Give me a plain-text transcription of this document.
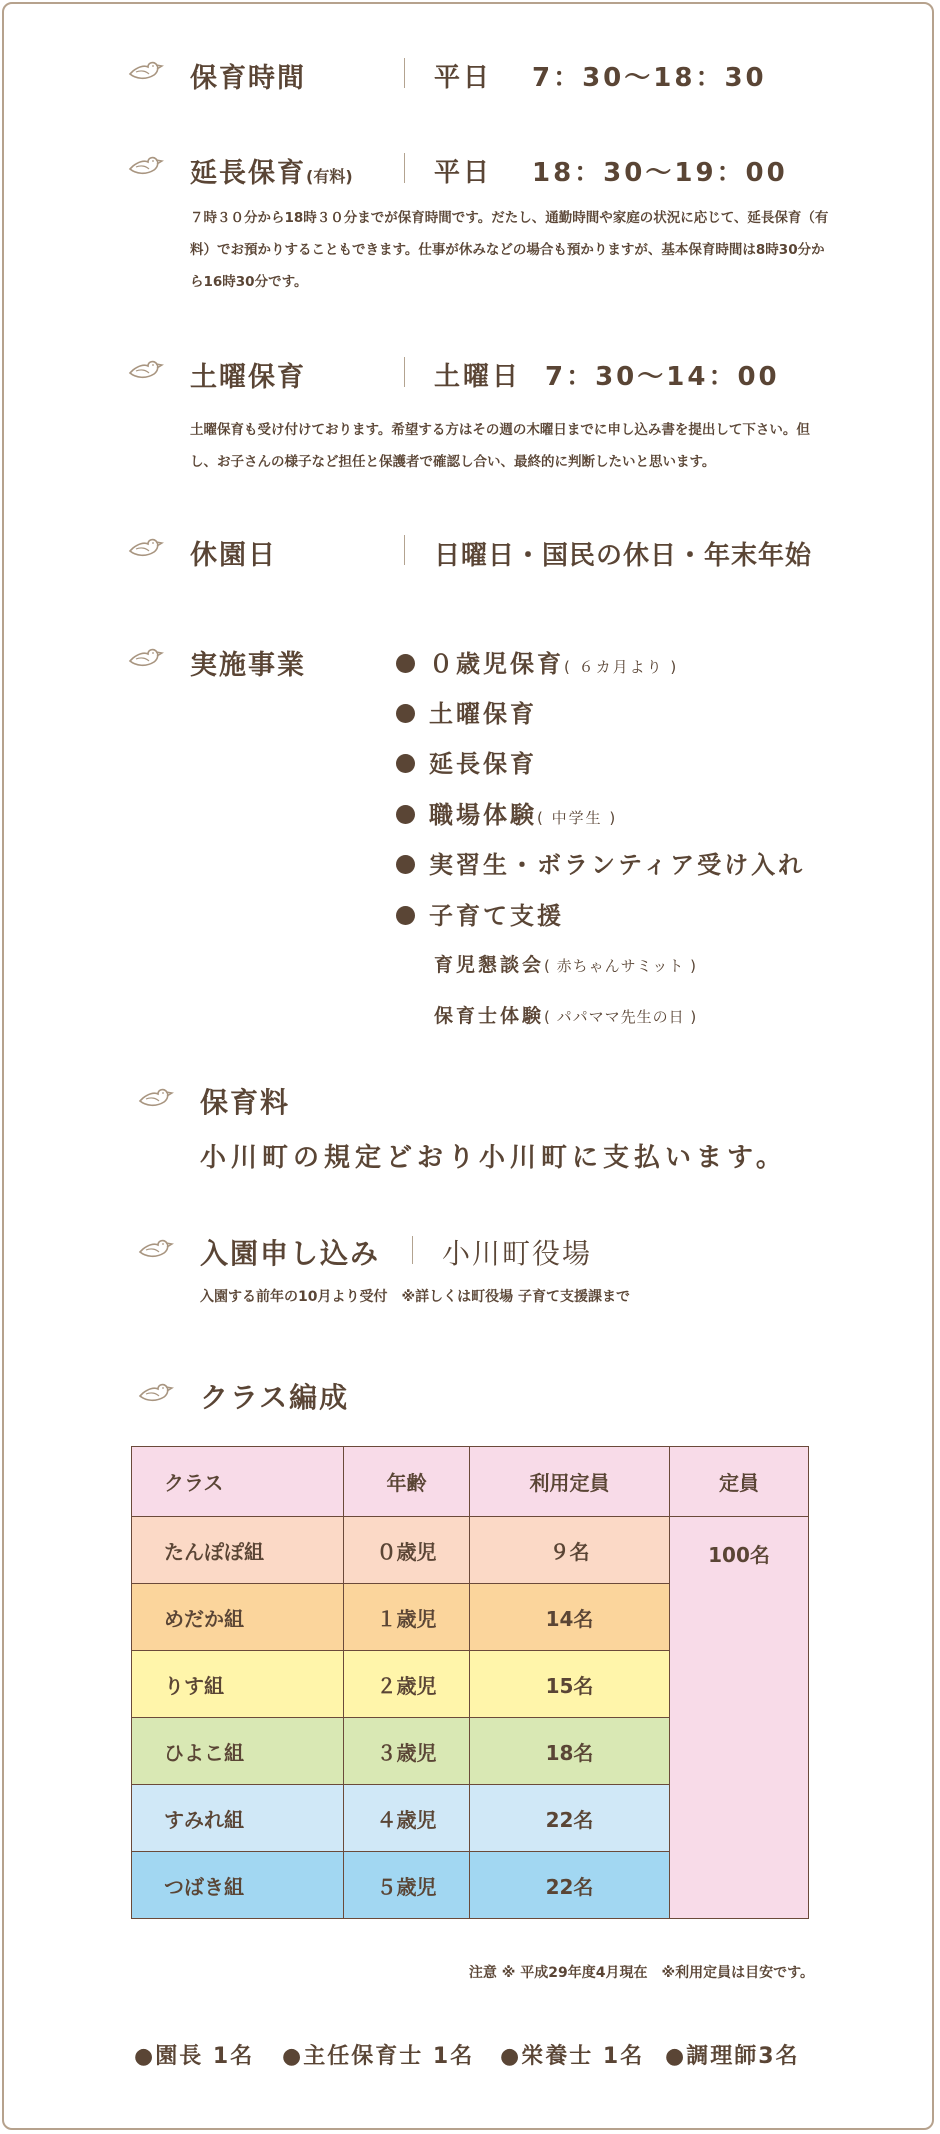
保育時間	平日 7：30〜18：30
延長保育(有料)	平日 18：30〜19：00
７時３０分から18時３０分までが保育時間です。だたし、通勤時間や家庭の状況に応じて、延長保育（有料）でお預かりすることもできます。仕事が休みなどの場合も預かりますが、基本保育時間は8時30分から16時30分です。
土曜保育	土曜日 7：30〜14：00
土曜保育も受け付けております。希望する方はその週の木曜日までに申し込み書を提出して下さい。但し、お子さんの様子など担任と保護者で確認し合い、最終的に判断したいと思います。
休園日	日曜日・国民の休日・年末年始
実施事業	０歳児保育( ６カ月より )
土曜保育
延長保育
職場体験( 中学生 )
実習生・ボランティア受け入れ
子育て支援
育児懇談会( 赤ちゃんサミット )
保育士体験( パパママ先生の日 )
保育料
小川町の規定どおり小川町に支払います。
入園申し込み 小川町役場
入園する前年の10月より受付　※詳しくは町役場 子育て支援課まで
クラス編成
クラス	年齢	利用定員	定員
たんぽぽ組	０歳児	９名	100名
めだか組	１歳児	14名	
りす組	２歳児	15名	
ひよこ組	３歳児	18名	
すみれ組	４歳児	22名	
つばき組	５歳児	22名	
注意 ※ 平成29年度4月現在　※利用定員は目安です。
●園長 1名 ●主任保育士 1名 ●栄養士 1名 ●調理師3名
